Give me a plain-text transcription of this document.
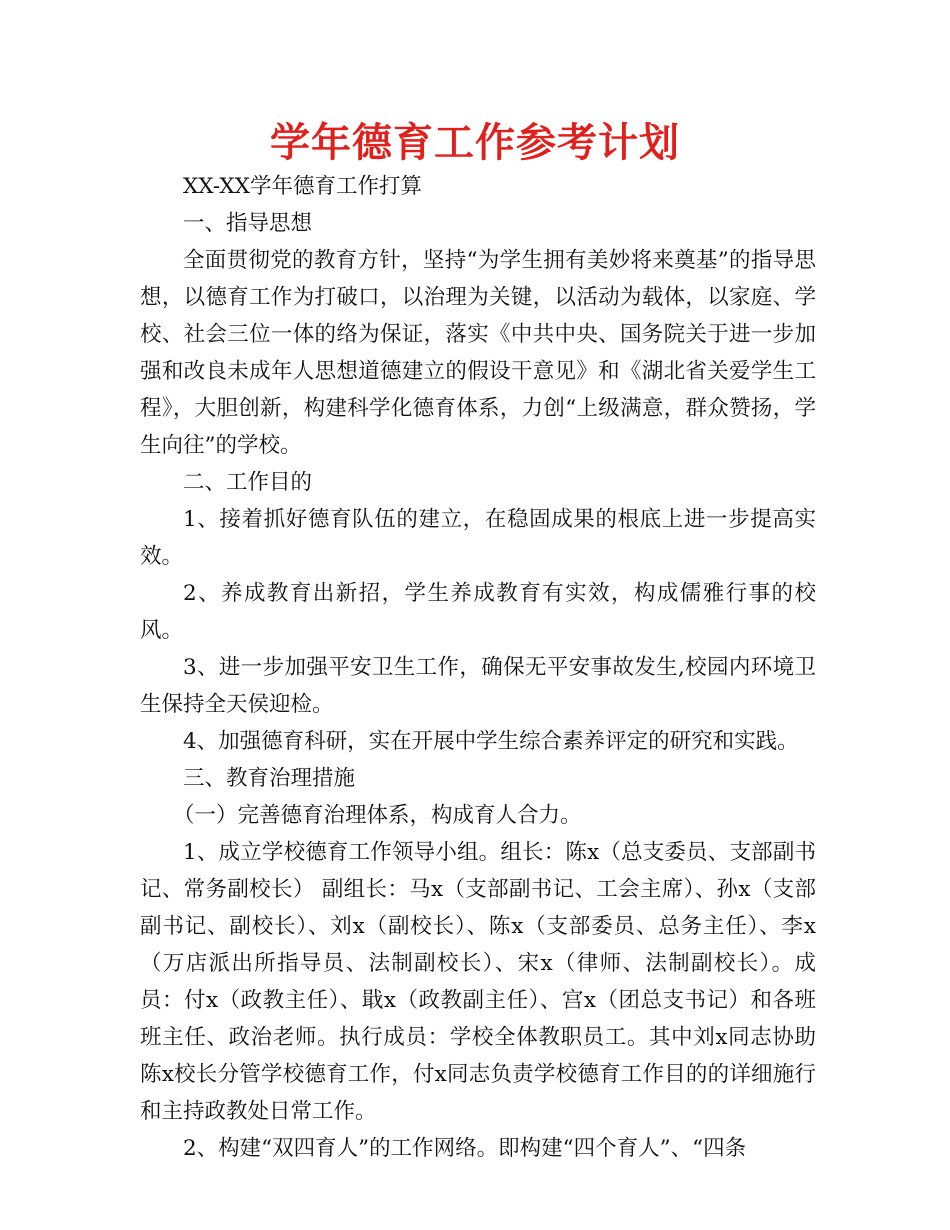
学年德育工作参考计划

XX-XX学年德育工作打算

一、指导思想

全面贯彻党的教育方针，坚持“为学生拥有美妙将来奠基”的指导思想，以德育工作为打破口，以治理为关键，以活动为载体，以家庭、学校、社会三位一体的络为保证，落实《中共中央、国务院关于进一步加强和改良未成年人思想道德建立的假设干意见》和《湖北省关爱学生工程》，大胆创新，构建科学化德育体系，力创“上级满意，群众赞扬，学生向往”的学校。

二、工作目的

1、接着抓好德育队伍的建立，在稳固成果的根底上进一步提高实效。

2、养成教育出新招，学生养成教育有实效，构成儒雅行事的校风。

3、进一步加强平安卫生工作，确保无平安事故发生,校园内环境卫生保持全天侯迎检。

4、加强德育科研，实在开展中学生综合素养评定的研究和实践。

三、教育治理措施

（一）完善德育治理体系，构成育人合力。

1、成立学校德育工作领导小组。组长：陈x（总支委员、支部副书记、常务副校长） 副组长：马x（支部副书记、工会主席）、孙x（支部副书记、副校长）、刘x（副校长）、陈x（支部委员、总务主任）、李x（万店派出所指导员、法制副校长）、宋x（律师、法制副校长）。成员：付x（政教主任）、戢x（政教副主任）、宫x（团总支书记）和各班班主任、政治老师。执行成员：学校全体教职员工。其中刘x同志协助陈x校长分管学校德育工作，付x同志负责学校德育工作目的的详细施行和主持政教处日常工作。

2、构建“双四育人”的工作网络。即构建“四个育人”、“四条
